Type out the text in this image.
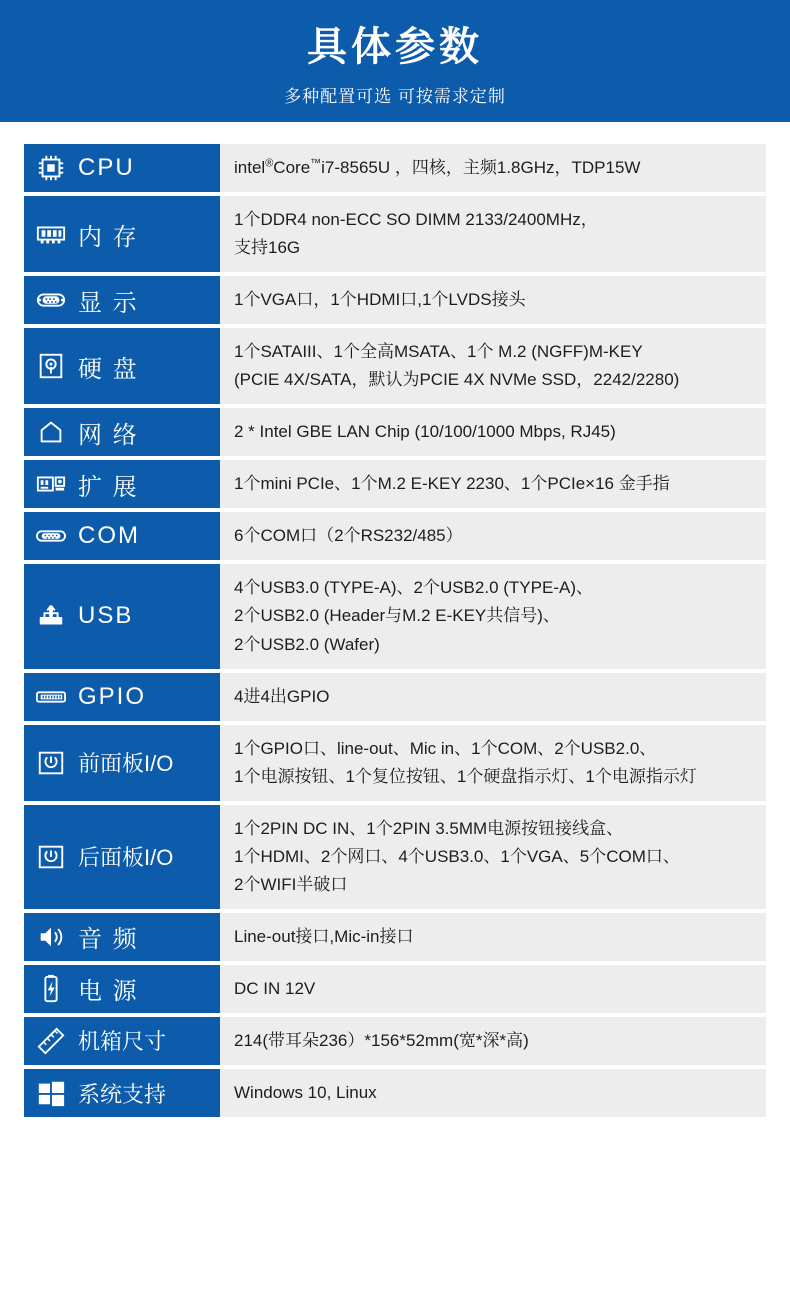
具体参数
多种配置可选 可按需求定制
CPU	intel®Core™i7-8565U ，四核，主频1.8GHz，TDP15W

内 存	1个DDR4 non-ECC SO DIMM 2133/2400MHz，
支持16G

显 示	1个VGA口，1个HDMI口,1个LVDS接头

硬 盘	1个SATAIII、1个全高MSATA、1个 M.2 (NGFF)M-KEY
(PCIE 4X/SATA，默认为PCIE 4X NVMe SSD，2242/2280)

网 络	2 * Intel GBE LAN Chip (10/100/1000 Mbps, RJ45)

扩 展	1个mini PCIe、1个M.2 E-KEY 2230、1个PCIe×16 金手指

COM	6个COM口（2个RS232/485）

USB	4个USB3.0 (TYPE-A)、2个USB2.0 (TYPE-A)、
2个USB2.0 (Header与M.2 E-KEY共信号)、
2个USB2.0 (Wafer)

GPIO	4进4出GPIO

前面板I/O	1个GPIO口、line-out、Mic in、1个COM、2个USB2.0、
1个电源按钮、1个复位按钮、1个硬盘指示灯、1个电源指示灯

后面板I/O	1个2PIN DC IN、1个2PIN 3.5MM电源按钮接线盒、
1个HDMI、2个网口、4个USB3.0、1个VGA、5个COM口、
2个WIFI半破口

音 频	Line-out接口,Mic-in接口

电 源	DC IN 12V

机箱尺寸	214(带耳朵236）*156*52mm(宽*深*高)

系统支持	Windows 10, Linux
